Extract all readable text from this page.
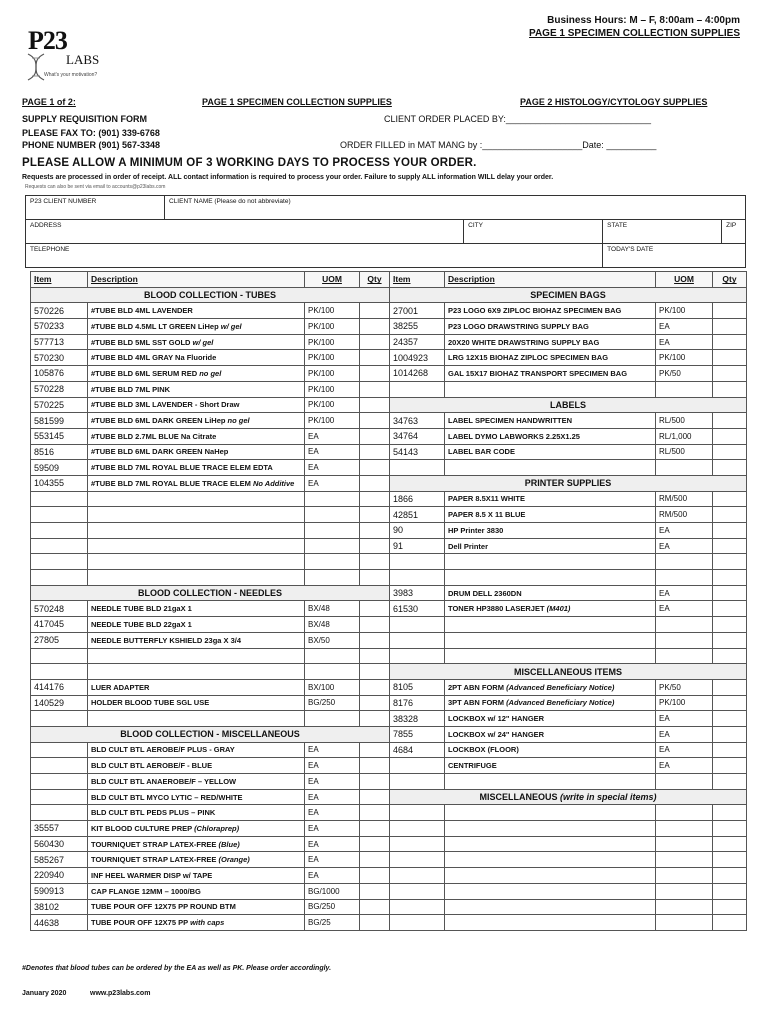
Business Hours: M – F, 8:00am – 4:00pm
PAGE 1 SPECIMEN COLLECTION SUPPLIES
P23
LABS
What's your motivation?
PAGE 1 of 2:	PAGE 1 SPECIMEN COLLECTION SUPPLIES	PAGE 2 HISTOLOGY/CYTOLOGY SUPPLIES
SUPPLY REQUISITION FORM
PLEASE FAX TO: (901) 339-6768
PHONE NUMBER (901) 567-3348
CLIENT ORDER PLACED BY:_____________________________
ORDER FILLED in MAT MANG by :____________________Date: __________
PLEASE ALLOW A MINIMUM OF 3 WORKING DAYS TO PROCESS YOUR ORDER.
Requests are processed in order of receipt. ALL contact information is required to process your order. Failure to supply ALL information WILL delay your order.
Requests can also be sent via email to accounts@p23labs.com
P23 CLIENT NUMBER	CLIENT NAME (Please do not abbreviate)			
ADDRESS		CITY	STATE	ZIP
TELEPHONE			TODAY'S DATE	
Item	Description	UOM	Qty	Item	Description	UOM	Qty
BLOOD COLLECTION - TUBES				SPECIMEN BAGS			
570226	#TUBE BLD 4ML LAVENDER	PK/100		27001	P23 LOGO 6X9 ZIPLOC BIOHAZ SPECIMEN BAG	PK/100	
570233	#TUBE BLD 4.5ML LT GREEN LiHep w/ gel	PK/100		38255	P23 LOGO DRAWSTRING SUPPLY BAG	EA	
577713	#TUBE BLD 5ML SST GOLD w/ gel	PK/100		24357	20X20 WHITE DRAWSTRING SUPPLY BAG	EA	
570230	#TUBE BLD 4ML GRAY Na Fluoride	PK/100		1004923	LRG 12X15 BIOHAZ ZIPLOC SPECIMEN BAG	PK/100	
105876	#TUBE BLD 6ML SERUM RED no gel	PK/100		1014268	GAL 15X17 BIOHAZ TRANSPORT SPECIMEN BAG	PK/50	
570228	#TUBE BLD 7ML PINK	PK/100					
570225	#TUBE BLD 3ML LAVENDER - Short Draw	PK/100		LABELS			
581599	#TUBE BLD 6ML DARK GREEN LiHep no gel	PK/100		34763	LABEL SPECIMEN HANDWRITTEN	RL/500	
553145	#TUBE BLD 2.7ML BLUE Na Citrate	EA		34764	LABEL DYMO LABWORKS 2.25X1.25	RL/1,000	
8516	#TUBE BLD 6ML DARK GREEN NaHep	EA		54143	LABEL BAR CODE	RL/500	
59509	#TUBE BLD 7ML ROYAL BLUE TRACE ELEM EDTA	EA					
104355	#TUBE BLD 7ML ROYAL BLUE TRACE ELEM No Additive	EA		PRINTER SUPPLIES			
				1866	PAPER 8.5X11 WHITE	RM/500	
				42851	PAPER 8.5 X 11 BLUE	RM/500	
				90	HP Printer 3830	EA	
				91	Dell Printer	EA	

BLOOD COLLECTION - NEEDLES				3983	DRUM DELL 2360DN	EA	
570248	NEEDLE TUBE BLD 21gaX 1	BX/48		61530	TONER HP3880 LASERJET (M401)	EA	
417045	NEEDLE TUBE BLD 22gaX 1	BX/48					
27805	NEEDLE BUTTERFLY KSHIELD 23ga X 3/4	BX/50					

				MISCELLANEOUS ITEMS			
414176	LUER ADAPTER	BX/100		8105	2PT ABN FORM (Advanced Beneficiary Notice)	PK/50	
140529	HOLDER BLOOD TUBE SGL USE	BG/250		8176	3PT ABN FORM (Advanced Beneficiary Notice)	PK/100	
				38328	LOCKBOX w/ 12" HANGER	EA	
BLOOD COLLECTION - MISCELLANEOUS				7855	LOCKBOX w/ 24" HANGER	EA	
	BLD CULT BTL AEROBE/F PLUS - GRAY	EA		4684	LOCKBOX (FLOOR)	EA	
	BLD CULT BTL AEROBE/F - BLUE	EA			CENTRIFUGE	EA	
	BLD CULT BTL ANAEROBE/F – YELLOW	EA					
	BLD CULT BTL MYCO LYTIC – RED/WHITE	EA		MISCELLANEOUS (write in special items)			
	BLD CULT BTL PEDS PLUS – PINK	EA					
35557	KIT BLOOD CULTURE PREP (Chloraprep)	EA					
560430	TOURNIQUET STRAP LATEX-FREE (Blue)	EA					
585267	TOURNIQUET STRAP LATEX-FREE (Orange)	EA					
220940	INF HEEL WARMER DISP w/ TAPE	EA					
590913	CAP FLANGE 12MM – 1000/BG	BG/1000					
38102	TUBE POUR OFF 12X75 PP ROUND BTM	BG/250					
44638	TUBE POUR OFF 12X75 PP with caps	BG/25					
#Denotes that blood tubes can be ordered by the EA as well as PK. Please order accordingly.
January 2020	www.p23labs.com
